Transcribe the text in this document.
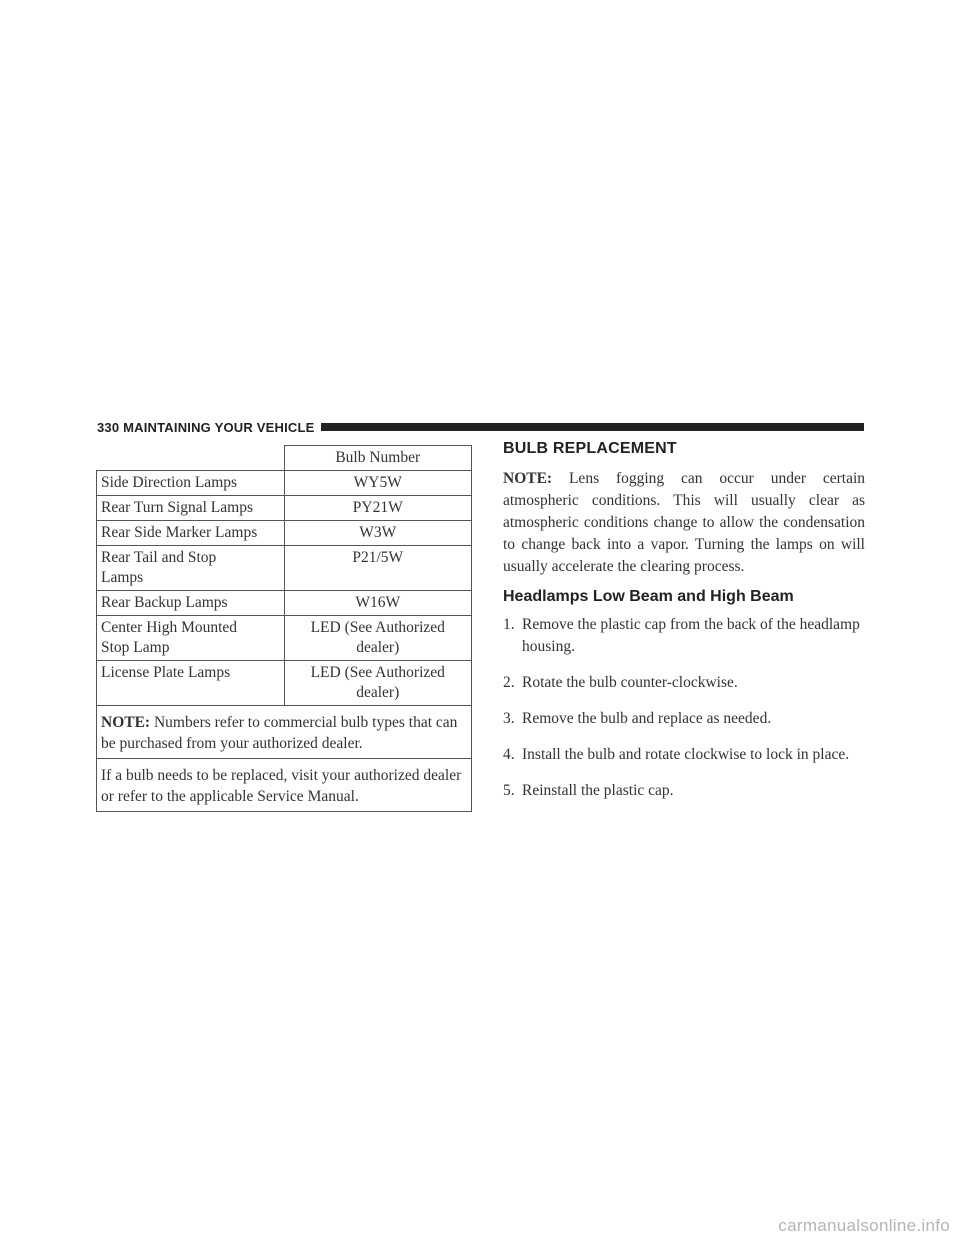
330 MAINTAINING YOUR VEHICLE
	Bulb Number
Side Direction Lamps	WY5W
Rear Turn Signal Lamps	PY21W
Rear Side Marker Lamps	W3W
Rear Tail and Stop Lamps	P21/5W
Rear Backup Lamps	W16W
Center High Mounted Stop Lamp	LED (See Authorized dealer)
License Plate Lamps	LED (See Authorized dealer)
NOTE: Numbers refer to commercial bulb types that can be purchased from your authorized dealer.	
If a bulb needs to be replaced, visit your authorized dealer or refer to the applicable Service Manual.	
BULB REPLACEMENT

NOTE: Lens fogging can occur under certain atmospheric conditions. This will usually clear as atmospheric conditions change to allow the condensation to change back into a vapor. Turning the lamps on will usually accelerate the clearing process.

Headlamps Low Beam and High Beam
1. Remove the plastic cap from the back of the headlamp housing.
2. Rotate the bulb counter-clockwise.
3. Remove the bulb and replace as needed.
4. Install the bulb and rotate clockwise to lock in place.
5. Reinstall the plastic cap.
carmanualsonline.info
